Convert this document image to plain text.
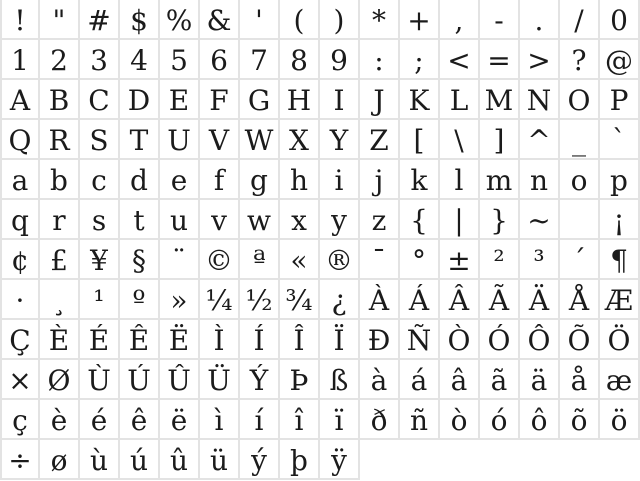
! " # $ % & '	(	) * + ,	-	.	/ 0
1 2 3 4 5 6 7 8 9 :	; < = > ? @
A B C D E F G H I	J K L M N O P
Q R S T U V W X Y Z [	\	] ^ _ `
a b c d e f g h i	j k l m n o p
q r s t u v w x y z { | } ~	¡
¢ £ ¥ § ¨ © ª « ® ¯ ° ± ²	³ ´ ¶
· ¸ ¹ º » ¼ ½ ¾ ¿ À Á Â Ã Ä Å Æ
Ç È É Ê Ë Ì	Í	Î	Ï Ð Ñ Ò Ó Ô Õ Ö
× Ø Ù Ú Û Ü Ý Þ ß à á â ã ä å æ
ç è é ê ë ì	í	î	ï ð ñ ò ó ô õ ö
÷ ø ù ú û ü ý þ ÿ
